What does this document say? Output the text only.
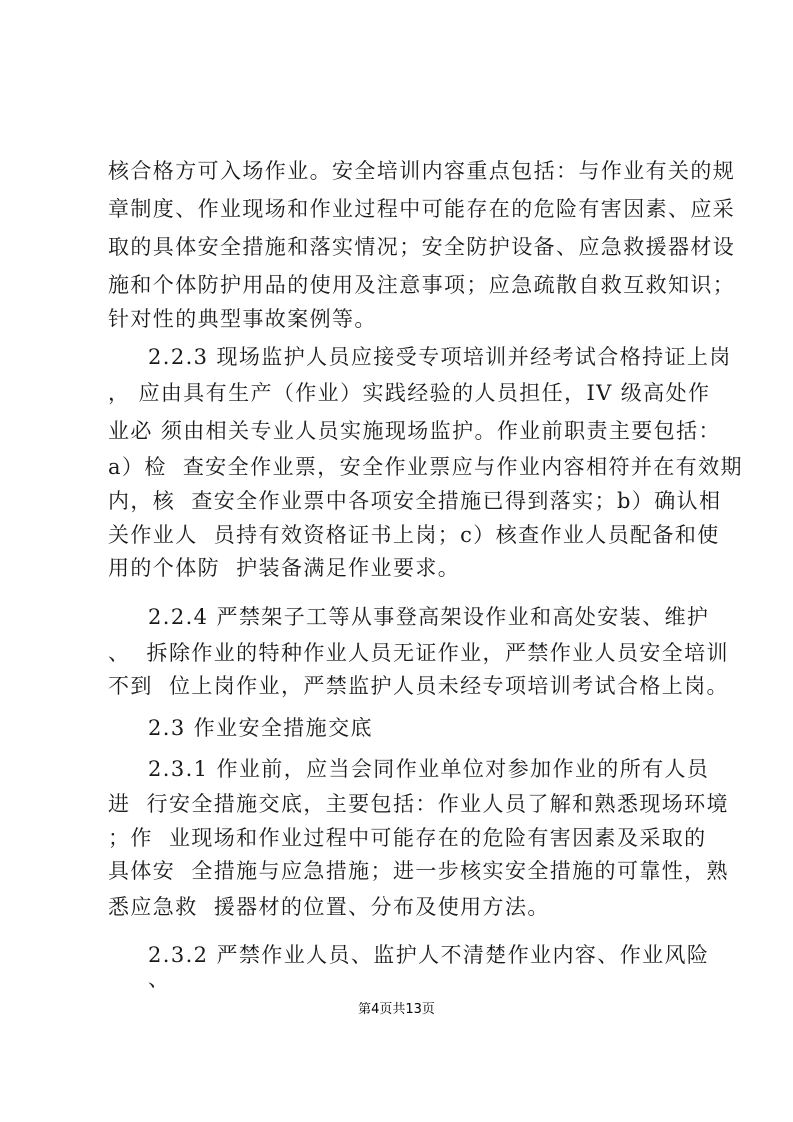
核合格方可入场作业。安全培训内容重点包括：与作业有关的规
章制度、作业现场和作业过程中可能存在的危险有害因素、应采
取的具体安全措施和落实情况；安全防护设备、应急救援器材设
施和个体防护用品的使用及注意事项；应急疏散自救互救知识；
针对性的典型事故案例等。
2.2.3 现场监护人员应接受专项培训并经考试合格持证上岗
， 应由具有生产（作业）实践经验的人员担任，IV 级高处作
业必 须由相关专业人员实施现场监护。作业前职责主要包括：
a）检  查安全作业票，安全作业票应与作业内容相符并在有效期
内，核  查安全作业票中各项安全措施已得到落实；b）确认相
关作业人  员持有效资格证书上岗；c）核查作业人员配备和使
用的个体防  护装备满足作业要求。
2.2.4 严禁架子工等从事登高架设作业和高处安装、维护
、  拆除作业的特种作业人员无证作业，严禁作业人员安全培训
不到  位上岗作业，严禁监护人员未经专项培训考试合格上岗。
2.3 作业安全措施交底
2.3.1 作业前，应当会同作业单位对参加作业的所有人员
进  行安全措施交底，主要包括：作业人员了解和熟悉现场环境
；作  业现场和作业过程中可能存在的危险有害因素及采取的
具体安  全措施与应急措施；进一步核实安全措施的可靠性，熟
悉应急救  援器材的位置、分布及使用方法。
2.3.2 严禁作业人员、监护人不清楚作业内容、作业风险
、
第4页共13页
